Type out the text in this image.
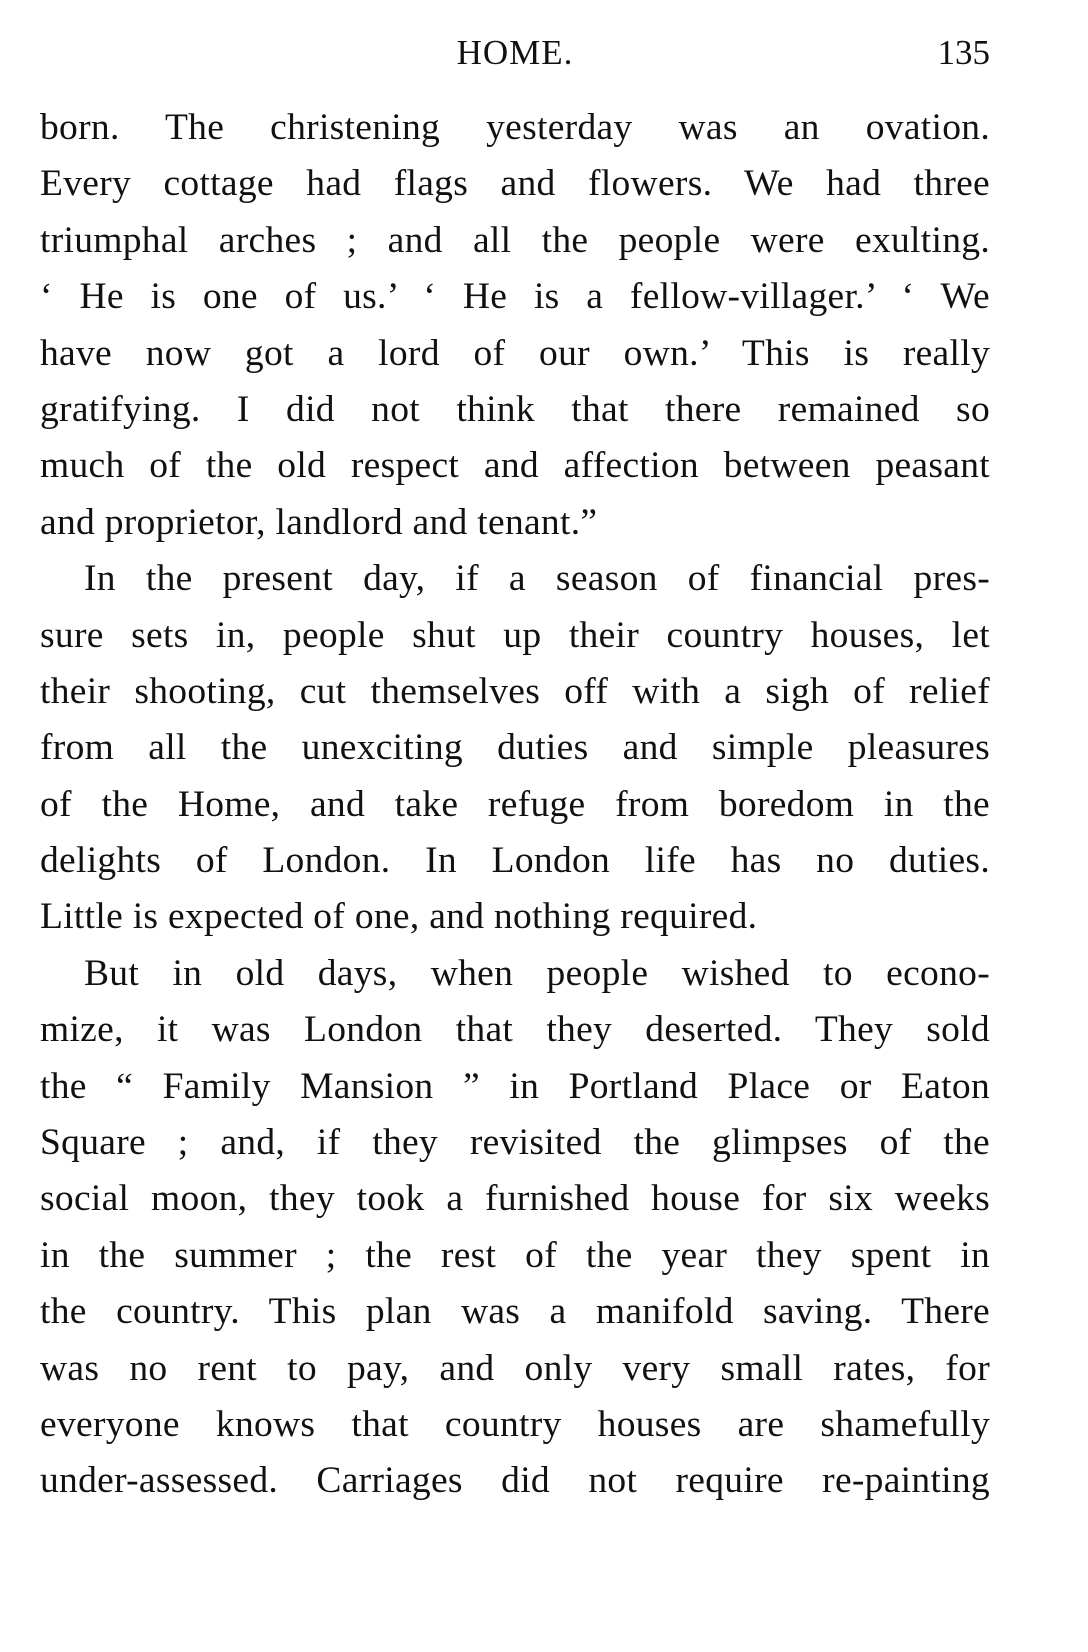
HOME.	135
born. The christening yesterday was an ovation.
Every cottage had flags and flowers. We had three
triumphal arches ; and all the people were exulting.
‘ He is one of us.’ ‘ He is a fellow-villager.’ ‘ We
have now got a lord of our own.’ This is really
gratifying. I did not think that there remained so
much of the old respect and affection between peasant
and proprietor, landlord and tenant.”
In the present day, if a season of financial pres-
sure sets in, people shut up their country houses, let
their shooting, cut themselves off with a sigh of relief
from all the unexciting duties and simple pleasures
of the Home, and take refuge from boredom in the
delights of London. In London life has no duties.
Little is expected of one, and nothing required.
But in old days, when people wished to econo-
mize, it was London that they deserted. They sold
the “ Family Mansion ” in Portland Place or Eaton
Square ; and, if they revisited the glimpses of the
social moon, they took a furnished house for six weeks
in the summer ; the rest of the year they spent in
the country. This plan was a manifold saving. There
was no rent to pay, and only very small rates, for
everyone knows that country houses are shamefully
under-assessed. Carriages did not require re-painting
